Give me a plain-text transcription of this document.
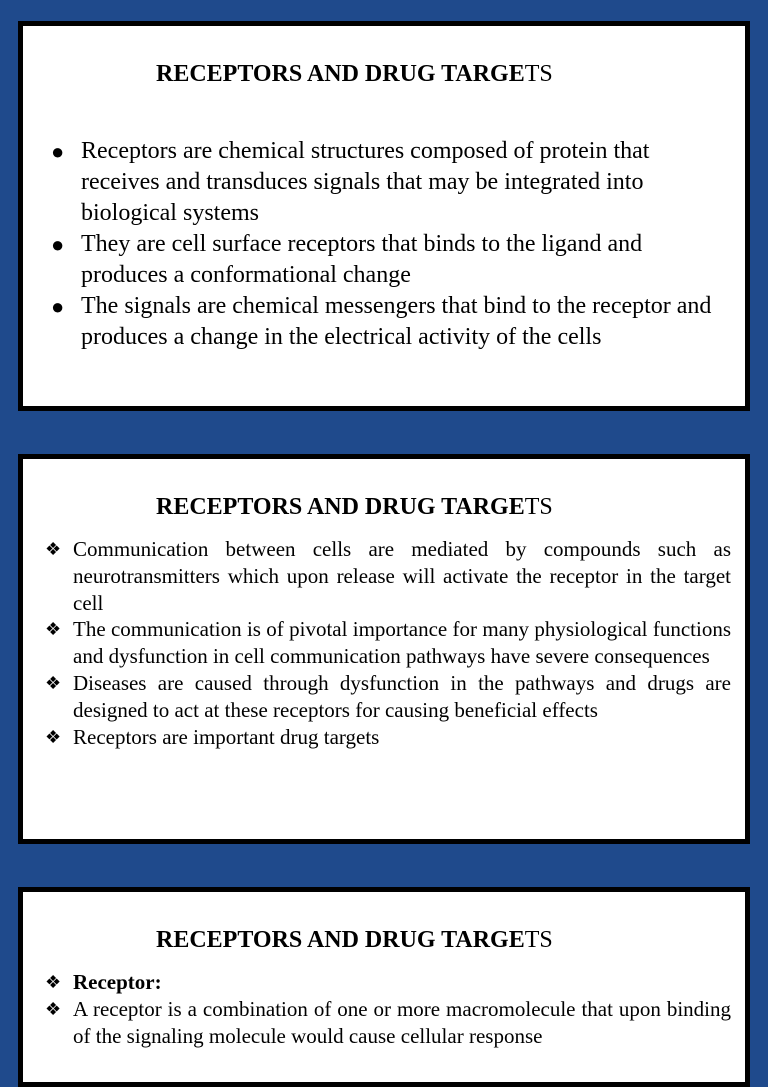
RECEPTORS AND DRUG TARGETS
● Receptors are chemical structures composed of protein that receives and transduces signals that may be integrated into biological systems
● They are cell surface receptors that binds to the ligand and produces a conformational change
● The signals are chemical messengers that bind to the receptor and produces a change in the electrical activity of the cells
RECEPTORS AND DRUG TARGETS
❖ Communication between cells are mediated by compounds such as neurotransmitters which upon release will activate the receptor in the target cell
❖ The communication is of pivotal importance for many physiological functions and dysfunction in cell communication pathways have severe consequences
❖ Diseases are caused through dysfunction in the pathways and drugs are designed to act at these receptors for causing beneficial effects
❖ Receptors are important drug targets
RECEPTORS AND DRUG TARGETS
❖ Receptor:
❖ A receptor is a combination of one or more macromolecule that upon binding of the signaling molecule would cause cellular response
